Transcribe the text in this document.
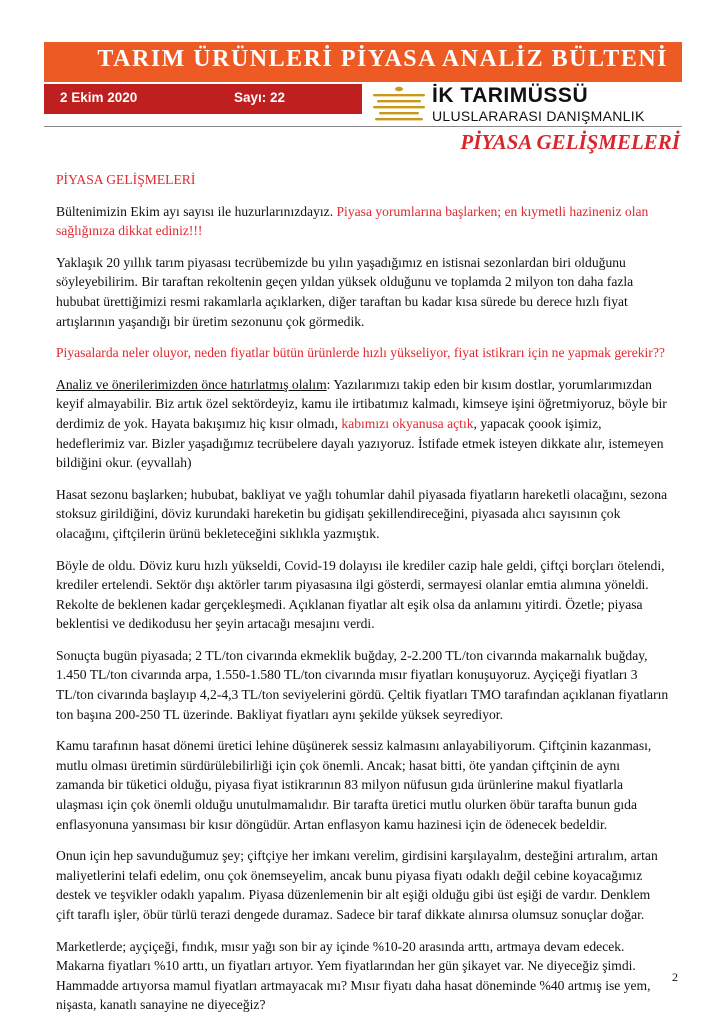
TARIM ÜRÜNLERİ PİYASA ANALİZ BÜLTENİ
2 Ekim 2020	Sayı: 22	İK TARIMÜSSÜ
ULUSLARARASI DANIŞMANLIK
PİYASA GELİŞMELERİ

PİYASA GELİŞMELERİ

Bültenimizin Ekim ayı sayısı ile huzurlarınızdayız. Piyasa yorumlarına başlarken; en kıymetli hazineniz olan sağlığınıza dikkat ediniz!!!

Yaklaşık 20 yıllık tarım piyasası tecrübemizde bu yılın yaşadığımız en istisnai sezonlardan biri olduğunu söyleyebilirim. Bir taraftan rekoltenin geçen yıldan yüksek olduğunu ve toplamda 2 milyon ton daha fazla hububat ürettiğimizi resmi rakamlarla açıklarken, diğer taraftan bu kadar kısa sürede bu derece hızlı fiyat artışlarının yaşandığı bir üretim sezonunu çok görmedik.

Piyasalarda neler oluyor, neden fiyatlar bütün ürünlerde hızlı yükseliyor, fiyat istikrarı için ne yapmak gerekir??

Analiz ve önerilerimizden önce hatırlatmış olalım: Yazılarımızı takip eden bir kısım dostlar, yorumlarımızdan keyif almayabilir. Biz artık özel sektördeyiz, kamu ile irtibatımız kalmadı, kimseye işini öğretmiyoruz, böyle bir derdimiz de yok. Hayata bakışımız hiç kısır olmadı, kabımızı okyanusa açtık, yapacak çoook işimiz, hedeflerimiz var. Bizler yaşadığımız tecrübelere dayalı yazıyoruz. İstifade etmek isteyen dikkate alır, istemeyen bildiğini okur. (eyvallah)

Hasat sezonu başlarken; hububat, bakliyat ve yağlı tohumlar dahil piyasada fiyatların hareketli olacağını, sezona stoksuz girildiğini, döviz kurundaki hareketin bu gidişatı şekillendireceğini, piyasada alıcı sayısının çok olacağını, çiftçilerin ürünü bekleteceğini sıklıkla yazmıştık.

Böyle de oldu. Döviz kuru hızlı yükseldi, Covid-19 dolayısı ile krediler cazip hale geldi, çiftçi borçları ötelendi, krediler ertelendi. Sektör dışı aktörler tarım piyasasına ilgi gösterdi, sermayesi olanlar emtia alımına yöneldi. Rekolte de beklenen kadar gerçekleşmedi. Açıklanan fiyatlar alt eşik olsa da anlamını yitirdi. Özetle; piyasa beklentisi ve dedikodusu her şeyin artacağı mesajını verdi.

Sonuçta bugün piyasada; 2 TL/ton civarında ekmeklik buğday, 2-2.200 TL/ton civarında makarnalık buğday, 1.450 TL/ton civarında arpa, 1.550-1.580 TL/ton civarında mısır fiyatları konuşuyoruz. Ayçiçeği fiyatları 3 TL/ton civarında başlayıp 4,2-4,3 TL/ton seviyelerini gördü. Çeltik fiyatları TMO tarafından açıklanan fiyatların ton başına 200-250 TL üzerinde. Bakliyat fiyatları aynı şekilde yüksek seyrediyor.

Kamu tarafının hasat dönemi üretici lehine düşünerek sessiz kalmasını anlayabiliyorum. Çiftçinin kazanması, mutlu olması üretimin sürdürülebilirliği için çok önemli. Ancak; hasat bitti, öte yandan çiftçinin de aynı zamanda bir tüketici olduğu, piyasa fiyat istikrarının 83 milyon nüfusun gıda ürünlerine makul fiyatlarla ulaşması için çok önemli olduğu unutulmamalıdır. Bir tarafta üretici mutlu olurken öbür tarafta bunun gıda enflasyonuna yansıması bir kısır döngüdür. Artan enflasyon kamu hazinesi için de ödenecek bedeldir.

Onun için hep savunduğumuz şey; çiftçiye her imkanı verelim, girdisini karşılayalım, desteğini artıralım, artan maliyetlerini telafi edelim, onu çok önemseyelim, ancak bunu piyasa fiyatı odaklı değil cebine koyacağımız destek ve teşvikler odaklı yapalım. Piyasa düzenlemenin bir alt eşiği olduğu gibi üst eşiği de vardır. Denklem çift taraflı işler, öbür türlü terazi dengede duramaz. Sadece bir taraf dikkate alınırsa olumsuz sonuçlar doğar.

Marketlerde; ayçiçeği, fındık, mısır yağı son bir ay içinde %10-20 arasında arttı, artmaya devam edecek. Makarna fiyatları %10 arttı, un fiyatları artıyor. Yem fiyatlarından her gün şikayet var. Ne diyeceğiz şimdi. Hammadde artıyorsa mamul fiyatları artmayacak mı? Mısır fiyatı daha hasat döneminde %40 artmış ise yem, nişasta, kanatlı sanayine ne diyeceğiz?

2
